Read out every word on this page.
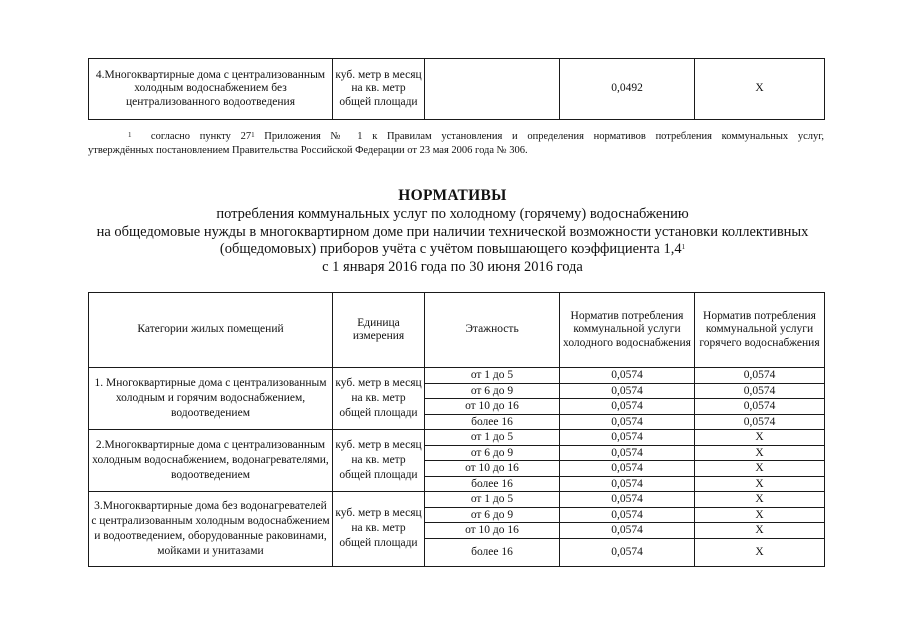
4.Многоквартирные дома с централизованным холодным водоснабжением без централизованного водоотведения	куб. метр в месяц на кв. метр общей площади		0,0492	X
$^1$ согласно пункту $27^1$ Приложения № 1 к Правилам установления и определения нормативов потребления коммунальных услуг,
утверждённых постановлением Правительства Российской Федерации от 23 мая 2006 года № 306.
НОРМАТИВЫ
потребления коммунальных услуг по холодному (горячему) водоснабжению
на общедомовые нужды в многоквартирном доме при наличии технической возможности установки коллективных
(общедомовых) приборов учёта с учётом повышающего коэффициента $1,4^1$
с 1 января 2016 года по 30 июня 2016 года
Категории жилых помещений	Единица измерения	Этажность	Норматив потребления коммунальной услуги холодного водоснабжения	Норматив потребления коммунальной услуги горячего водоснабжения
1. Многоквартирные дома с централизованным холодным и горячим водоснабжением, водоотведением	куб. метр в месяц на кв. метр общей площади	от 1 до 5	0,0574	0,0574
		от 6 до 9	0,0574	0,0574
		от 10 до 16	0,0574	0,0574
		более 16	0,0574	0,0574
2.Многоквартирные дома с централизованным холодным водоснабжением, водонагревателями, водоотведением	куб. метр в месяц на кв. метр общей площади	от 1 до 5	0,0574	X
		от 6 до 9	0,0574	X
		от 10 до 16	0,0574	X
		более 16	0,0574	X
3.Многоквартирные дома без водонагревателей с централизованным холодным водоснабжением и водоотведением, оборудованные раковинами, мойками и унитазами	куб. метр в месяц на кв. метр общей площади	от 1 до 5	0,0574	X
		от 6 до 9	0,0574	X
		от 10 до 16	0,0574	X
		более 16	0,0574	X
